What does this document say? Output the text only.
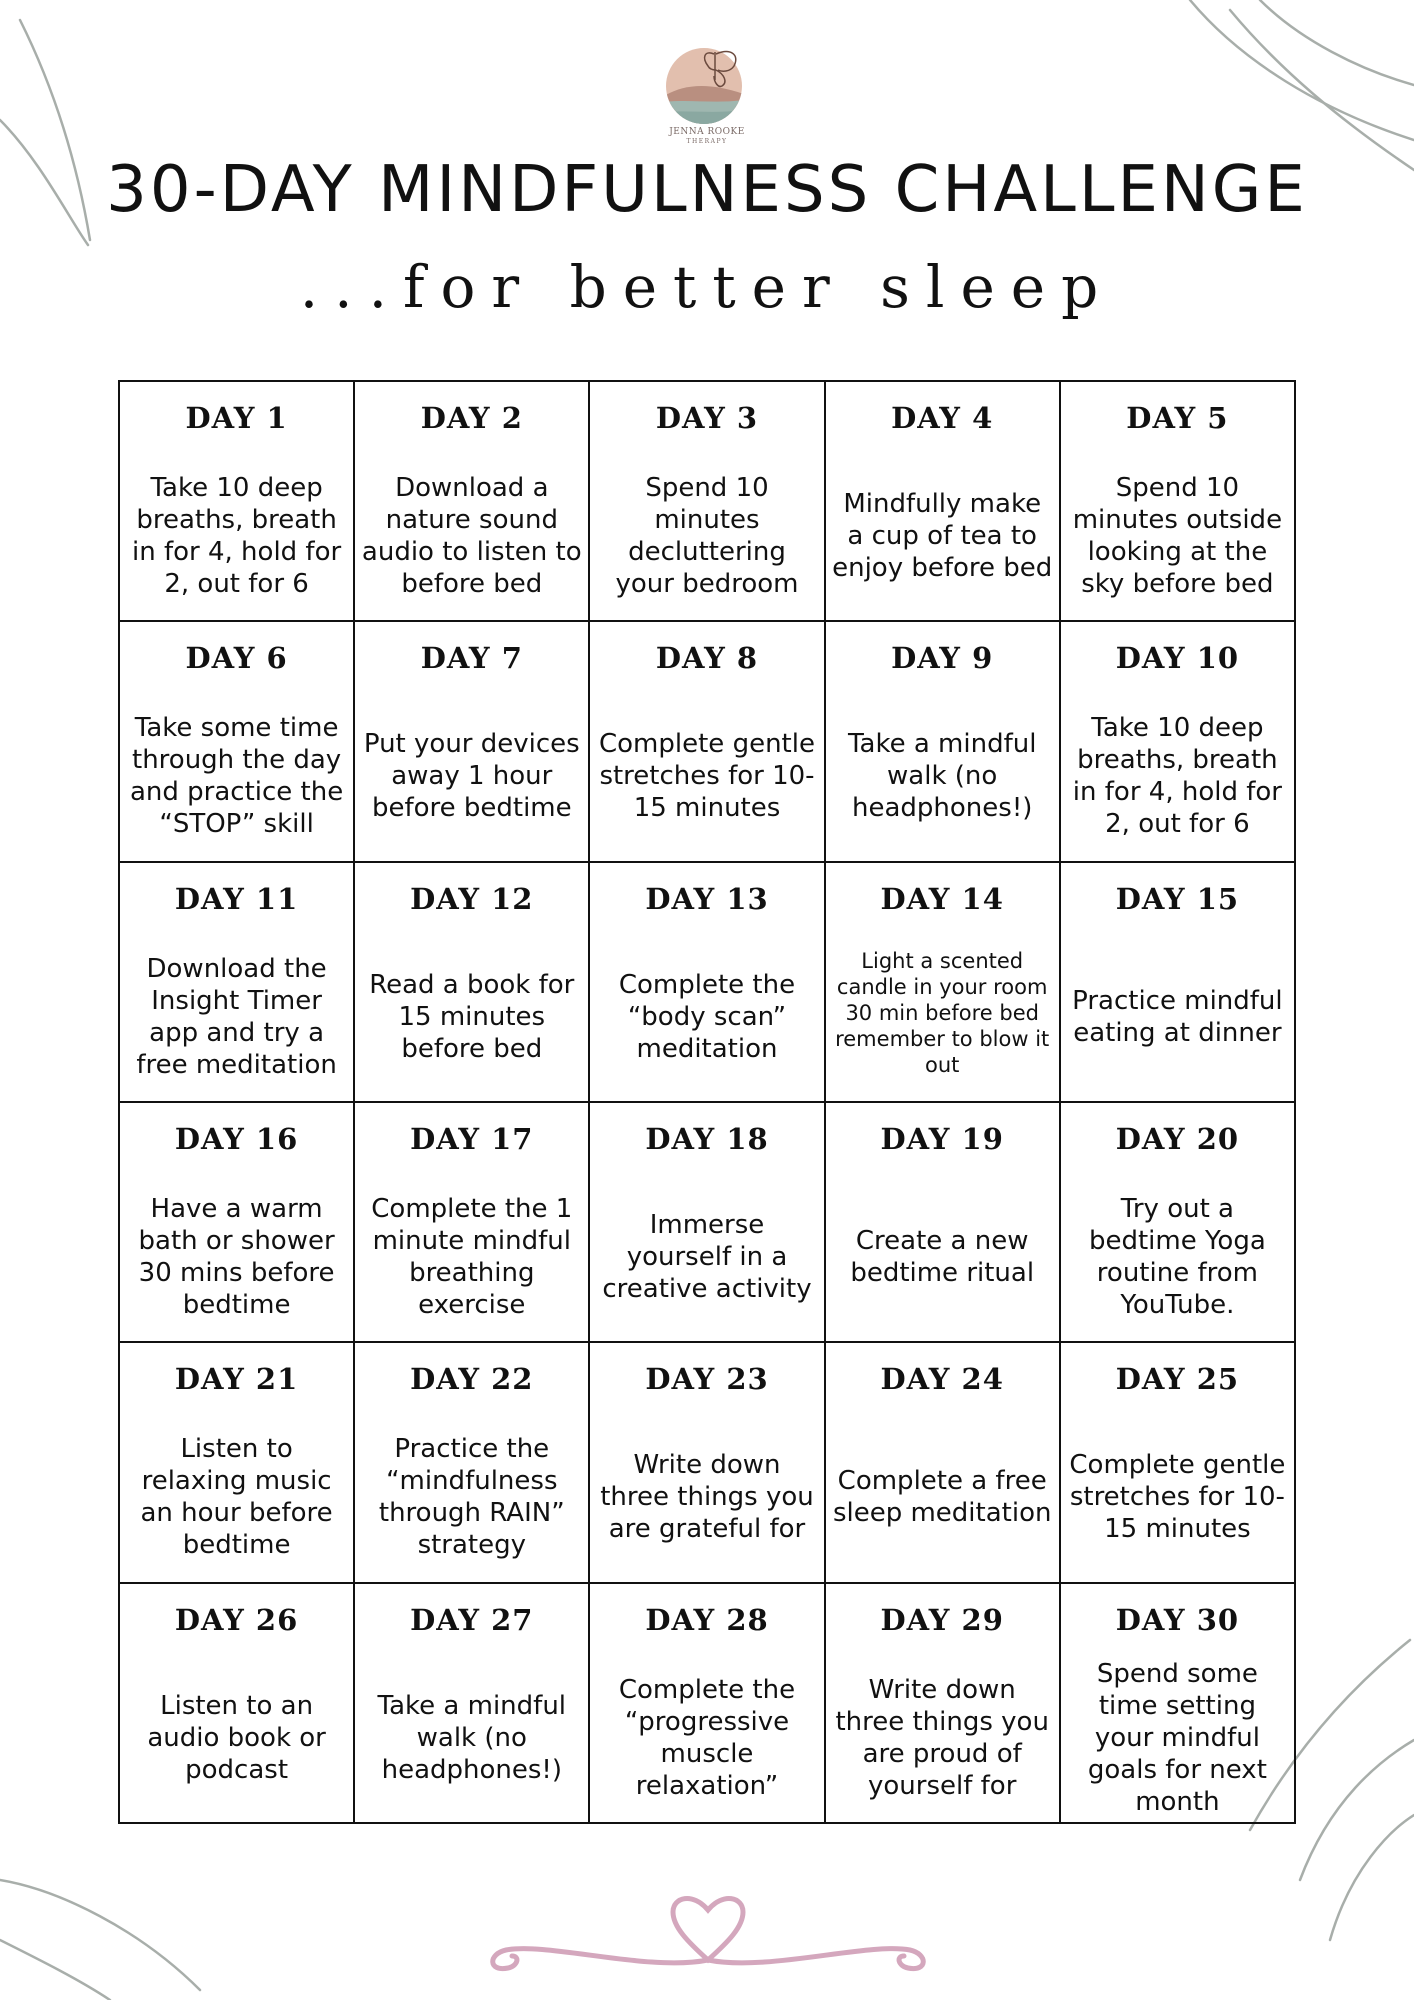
JENNA ROOKE
THERAPY
30-DAY MINDFULNESS CHALLENGE
...for better sleep
DAY 1
Take 10 deep breaths, breath in for 4, hold for 2, out for 6
DAY 2
Download a nature sound audio to listen to before bed
DAY 3
Spend 10 minutes decluttering your bedroom
DAY 4
Mindfully make a cup of tea to enjoy before bed
DAY 5
Spend 10 minutes outside looking at the sky before bed
DAY 6
Take some time through the day and practice the “STOP” skill
DAY 7
Put your devices away 1 hour before bedtime
DAY 8
Complete gentle stretches for 10-15 minutes
DAY 9
Take a mindful walk (no headphones!)
DAY 10
Take 10 deep breaths, breath in for 4, hold for 2, out for 6
DAY 11
Download the Insight Timer app and try a free meditation
DAY 12
Read a book for 15 minutes before bed
DAY 13
Complete the “body scan” meditation
DAY 14
Light a scented candle in your room 30 min before bed remember to blow it out
DAY 15
Practice mindful eating at dinner
DAY 16
Have a warm bath or shower 30 mins before bedtime
DAY 17
Complete the 1 minute mindful breathing exercise
DAY 18
Immerse yourself in a creative activity
DAY 19
Create a new bedtime ritual
DAY 20
Try out a bedtime Yoga routine from YouTube.
DAY 21
Listen to relaxing music an hour before bedtime
DAY 22
Practice the “mindfulness through RAIN” strategy
DAY 23
Write down three things you are grateful for
DAY 24
Complete a free sleep meditation
DAY 25
Complete gentle stretches for 10-15 minutes
DAY 26
Listen to an audio book or podcast
DAY 27
Take a mindful walk (no headphones!)
DAY 28
Complete the “progressive muscle relaxation”
DAY 29
Write down three things you are proud of yourself for
DAY 30
Spend some time setting your mindful goals for next month
